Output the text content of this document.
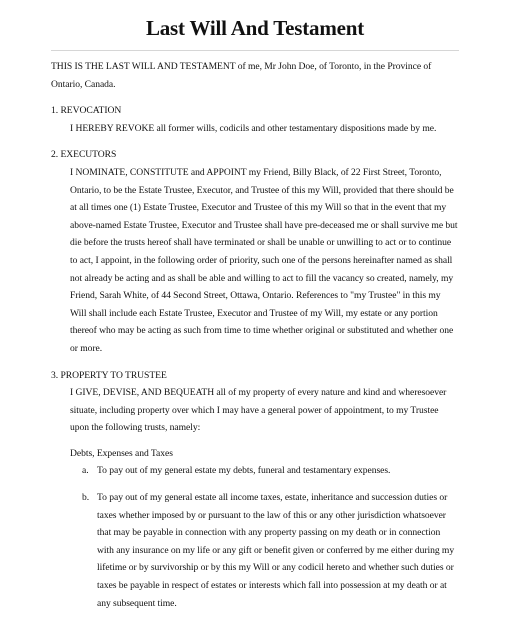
Last Will And Testament

THIS IS THE LAST WILL AND TESTAMENT of me, Mr John Doe, of Toronto, in the Province of Ontario, Canada.

1. REVOCATION

I HEREBY REVOKE all former wills, codicils and other testamentary dispositions made by me.

2. EXECUTORS

I NOMINATE, CONSTITUTE and APPOINT my Friend, Billy Black, of 22 First Street, Toronto, Ontario, to be the Estate Trustee, Executor, and Trustee of this my Will, provided that there should be at all times one (1) Estate Trustee, Executor and Trustee of this my Will so that in the event that my above-named Estate Trustee, Executor and Trustee shall have pre-deceased me or shall survive me but die before the trusts hereof shall have terminated or shall be unable or unwilling to act or to continue to act, I appoint, in the following order of priority, such one of the persons hereinafter named as shall not already be acting and as shall be able and willing to act to fill the vacancy so created, namely, my Friend, Sarah White, of 44 Second Street, Ottawa, Ontario. References to "my Trustee" in this my Will shall include each Estate Trustee, Executor and Trustee of my Will, my estate or any portion thereof who may be acting as such from time to time whether original or substituted and whether one or more.

3. PROPERTY TO TRUSTEE

I GIVE, DEVISE, AND BEQUEATH all of my property of every nature and kind and wheresoever situate, including property over which I may have a general power of appointment, to my Trustee upon the following trusts, namely:

Debts, Expenses and Taxes

a. To pay out of my general estate my debts, funeral and testamentary expenses.
b. To pay out of my general estate all income taxes, estate, inheritance and succession duties or taxes whether imposed by or pursuant to the law of this or any other jurisdiction whatsoever that may be payable in connection with any property passing on my death or in connection with any insurance on my life or any gift or benefit given or conferred by me either during my lifetime or by survivorship or by this my Will or any codicil hereto and whether such duties or taxes be payable in respect of estates or interests which fall into possession at my death or at any subsequent time.
